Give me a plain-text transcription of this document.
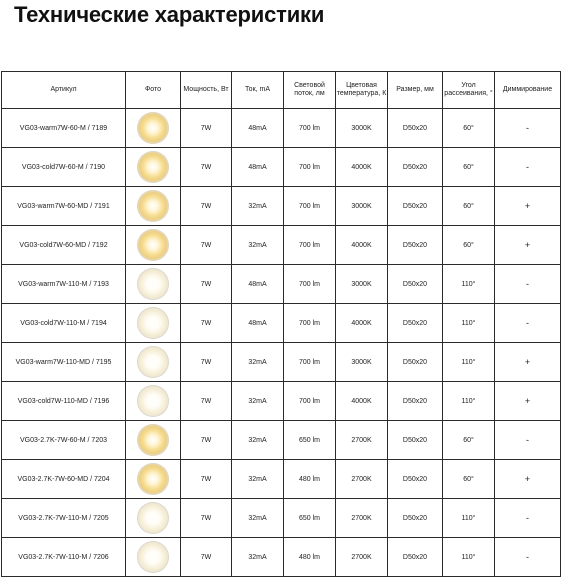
Технические характеристики
Артикул	Фото	Мощность, Вт	Ток, mA	Световой поток, лм	Цветовая температура, К	Размер, мм	Угол рассеивания, °	Диммирование
VG03-warm7W-60-M / 7189		7W	48mA	700 lm	3000K	D50x20	60°	-
VG03-cold7W-60-M / 7190		7W	48mA	700 lm	4000K	D50x20	60°	-
VG03-warm7W-60-MD / 7191		7W	32mA	700 lm	3000K	D50x20	60°	+
VG03-cold7W-60-MD / 7192		7W	32mA	700 lm	4000K	D50x20	60°	+
VG03-warm7W-110-M / 7193		7W	48mA	700 lm	3000K	D50x20	110°	-
VG03-cold7W-110-M / 7194		7W	48mA	700 lm	4000K	D50x20	110°	-
VG03-warm7W-110-MD / 7195		7W	32mA	700 lm	3000K	D50x20	110°	+
VG03-cold7W-110-MD / 7196		7W	32mA	700 lm	4000K	D50x20	110°	+
VG03-2.7K-7W-60-M / 7203		7W	32mA	650 lm	2700K	D50x20	60°	-
VG03-2.7K-7W-60-MD / 7204		7W	32mA	480 lm	2700K	D50x20	60°	+
VG03-2.7K-7W-110-M / 7205		7W	32mA	650 lm	2700K	D50x20	110°	-
VG03-2.7K-7W-110-M / 7206		7W	32mA	480 lm	2700K	D50x20	110°	-
